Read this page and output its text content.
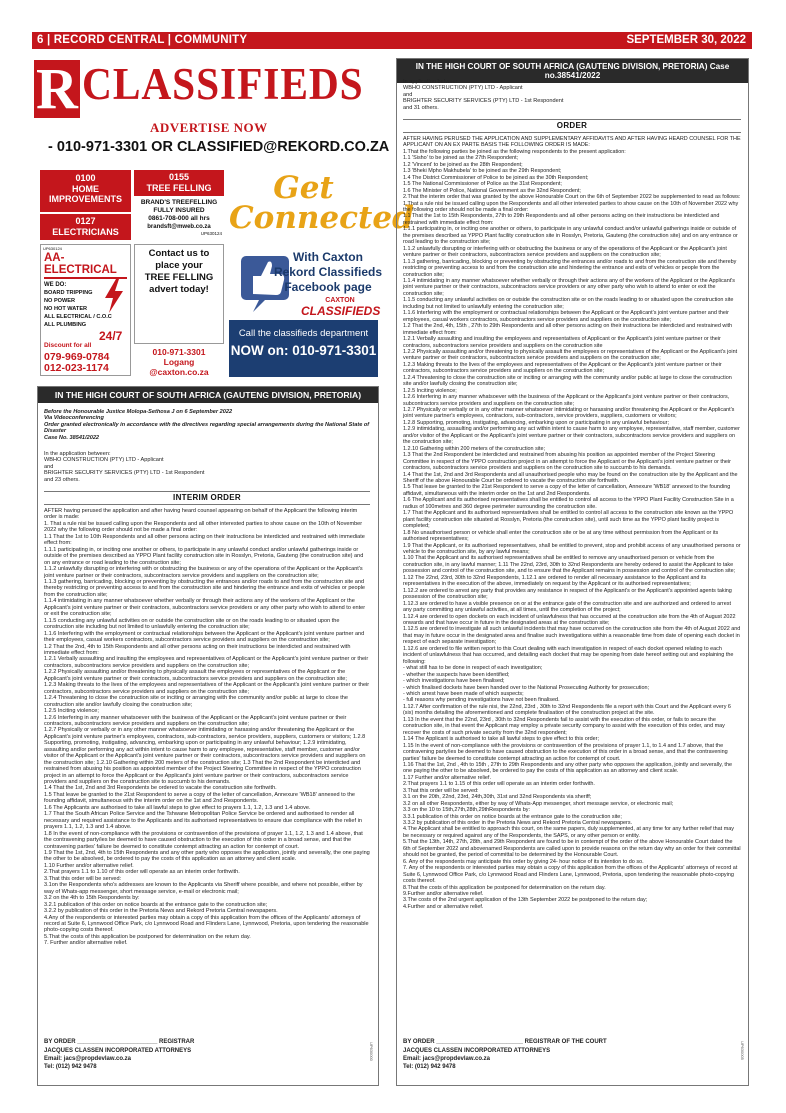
6 | RECORD CENTRAL | COMMUNITY	SEPTEMBER 30, 2022
R CLASSIFIEDS
ADVERTISE NOW
- 010-971-3301 OR CLASSIFIED@REKORD.CO.ZA
0100
HOME
IMPROVEMENTS
0155
TREE FELLING
0127
ELECTRICIANS
BRAND'S TREEFELLING
FULLY INSURED
0861-708-000 all hrs
brandsft@mweb.co.za
UP630124
UP630124
AA-ELECTRICAL
WE DO:
BOARD TRIPPING
NO POWER
NO HOT WATER
ALL ELECTRICAL / C.O.C
ALL PLUMBING
24/7
Discount for all
079-969-0784
012-023-1174
Contact us to
place your
TREE FELLING
advert today!
010-971-3301
Logang
@caxton.co.za
Get
Connected
With Caxton
Rekord Classifieds
Facebook page
CAXTON
CLASSIFIEDS
Call the classifieds department
NOW on: 010-971-3301
IN THE HIGH COURT OF SOUTH AFRICA (GAUTENG DIVISION, PRETORIA)
Before the Honourable Justice Molopa-Sethosa J on 6 September 2022
Via Videoconferencing
Order granted electronically in accordance with the directives regarding special arrangements during the National State of Disaster
Case No. 38541/2022
In the application between:
WBHO CONSTRUCTION (PTY) LTD - Applicant
and
BRIGHTER SECURITY SERVICES (PTY) LTD - 1st Respondent
and 23 others.
INTERIM ORDER
AFTER having perused the application and after having heard counsel appearing on behalf of the Applicant the following interim order is made:
1. That a rule nisi be issued calling upon the Respondents and all other interested parties to show cause on the 10th of November 2022 why the following order should not be made a final order:
1.1 That the 1st to 10th Respondents and all other persons acting on their instructions be interdicted and restrained with immediate effect from:
1.1.1 participating in, or inciting one another or others, to participate in any unlawful conduct and/or unlawful gatherings inside or outside of the premises described as YPPO Plant facility construction site in Rosslyn, Pretoria, Gauteng (the construction site) and on any entrance or road leading to the construction site;
1.1.2 unlawfully disrupting or interfering with or obstructing the business or any of the operations of the Applicant or the Applicant's joint venture partner or their contractors, subcontractors service providers and suppliers on the construction site;
1.1.3 gathering, barricading, blocking or preventing by obstructing the entrances and/or roads to and from the construction site and thereby restricting or preventing access to and from the construction site and hindering the entrance and exits of vehicles or people from the construction site;
1.1.4 intimidating in any manner whatsoever whether verbally or through their actions any of the workers of the Applicant or the Applicant's joint venture partner or their contractors, subcontractors service providers or any other party who wish to attend to enter or exit the construction site;
1.1.5 conducting any unlawful activities on or outside the construction site or on the roads leading to or situated upon the construction site including but not limited to unlawfully entering the construction site;
1.1.6 Interfering with the employment or contractual relationships between the Applicant or the Applicant's joint venture partner and their employees, casual workers contractors, subcontractors service providers and suppliers on the construction site;
1.2 That the 2nd, 4th to 15th Respondents and all other persons acting on their instructions be interdicted and restrained with immediate effect from:
1.2.1 Verbally assaulting and insulting the employees and representatives of Applicant or the Applicant's joint venture partner or their contractors, subcontractors service providers and suppliers on the construction site;
1.2.2 Physically assaulting and/or threatening to physically assault the employees or representatives of the Applicant or the Applicant's joint venture partner or their contractors, subcontractors service providers and suppliers on the construction site;
1.2.3 Making threats to the lives of the employees and representatives of the Applicant or the Applicant's joint venture partner or their contractors, subcontractors service providers and suppliers on the construction site;
1.2.4 Threatening to close the construction site or inciting or arranging with the community and/or public at large to close the construction site and/or lawfully closing the construction site;
1.2.5 Inciting violence;
1.2.6 Interfering in any manner whatsoever with the business of the Applicant or the Applicant's joint venture partner or their contractors, subcontractors service providers and suppliers on the construction site;
1.2.7 Physically or verbally or in any other manner whatsoever intimidating or harassing and/or threatening the Applicant or the Applicant's joint venture partner's employees, contractors, sub-contractors, service providers, suppliers, customers or visitors; 1.2.8 Supporting, promoting, instigating, advancing, embarking upon or participating in any unlawful behaviour; 1.2.9 intimidating, assaulting and/or performing any act within intent to cause harm to any employee, representative, staff member, customer and/or visitor of the Applicant or the Applicant's joint venture partner or their contractors, subcontractors service providers and suppliers on the construction site; 1.2.10 Gathering within 200 meters of the construction site; 1.3 That the 2nd Respondent be interdicted and restrained from abusing his position as appointed member of the Project Steering Committee in respect of the YPPO construction project in an attempt to force the Applicant or the Applicant's joint venture partner or their contractors, subcontractors service providers and suppliers on the construction site to succumb to his demands.
1.4 That the 1st, 2nd and 3rd Respondents be ordered to vacate the construction site forthwith.
1.5 That leave be granted to the 21st Respondent to serve a copy of the letter of cancellation, Annexure 'WB18' annexed to the founding affidavit, simultaneous with the interim order on the 1st and 2nd Respondents.
1.6 The Applicants are authorised to take all lawful steps to give effect to prayers 1.1, 1.2, 1.3 and 1.4 above.
1.7 That the South African Police Service and the Tshwane Metropolitan Police Service be ordered and authorised to render all necessary and required assistance to the Applicants and its authorised representatives to ensure due compliance with the relief in prayers 1.1, 1.2, 1.3 and 1.4 above.
1.8 In the event of non-compliance with the provisions or contravention of the provisions of prayer 1.1, 1.2, 1.3 and 1.4 above, that the contravening party/ies be deemed to have caused obstruction to the execution of this order in a broad sense, and that the contravening parties' failure be deemed to constitute contempt attracting an action for contempt of court.
1.9 That the 1st, 2nd, 4th to 15th Respondents and any other party who opposes the application, jointly and severally, the one paying the other to be absolved, be ordered to pay the costs of this application as an attorney and client scale.
1.10 Further and/or alternative relief.
2.That prayers 1.1 to 1.10 of this order will operate as an interim order forthwith.
3.That this order will be served:
3.1on the Respondents who's addresses are known to the Applicants via Sheriff where possible, and where not possible, either by way of Whats-app messenger, short message service, e-mail or electronic mail;
3.2 on the 4th to 15th Respondents by:
3.2.1 publication of this order on notice boards at the entrance gate to the construction site;
3.2.2 by publication of this order in the Pretoria News and Rekord Pretoria Central newspapers.
4.Any of the respondents or interested parties may obtain a copy of this application from the offices of the Applicants' attorneys of record at Suite 6, Lynnwood Office Park, c/o Lynnwood Road and Flinders Lane, Lynnwood, Pretoria, upon tendering the reasonable photo-copying costs thereof.
5.That the costs of this application be postponed for determination on the return day.
7. Further and/or alternative relief.
BY ORDER ________________________ REGISTRAR
JACQUES CLASSEN INCORPORATED ATTORNEYS
Email: jacs@propdevlaw.co.za
Tel: (012) 942 9478
UP630000
IN THE HIGH COURT OF SOUTH AFRICA (GAUTENG DIVISION, PRETORIA) Case no.38541/2022
In application between:
WBHO CONSTRUCTION (PTY) LTD - Applicant
and
BRIGHTER SECURITY SERVICES (PTY) LTD - 1st Respondent
and 31 others.
ORDER
AFTER HAVING PERUSED THE APPLICATION AND SUPPLEMENTARY AFFIDAVITS AND AFTER HAVING HEARD COUNSEL FOR THE APPLICANT ON AN EX PARTE BASIS THE FOLLOWING ORDER IS MADE:
1.That the following parties be joined as the following respondents to the present application:
1.1 'Sisho' to be joined as the 27th Respondent;
1.2 'Vincent' to be joined as the 28th Respondent;
1.3 'Bheki Mpho Makhubela' to be joined as the 29th Respondent;
1.4 The District Commissioner of Police to be joined as the 30th Respondent;
1.5 The National Commissioner of Police as the 31st Respondent;
1.6 The Minister of Police, National Government as the 32nd Respondent;
2.That the interim order that was granted by the above Honourable Court on the 6th of September 2022 be supplemented to read as follows:
1.That a rule nisi be issued calling upon the Respondents and all other interested parties to show cause on the 10th of November 2022 why the following order should not be made a final order:
1.1 That the 1st to 15th Respondents, 27th to 29th Respondents and all other persons acting on their instructions be interdicted and restrained with immediate effect from:
1.1.1 participating in, or inciting one another or others, to participate in any unlawful conduct and/or unlawful gatherings inside or outside of the premises described as YPPO Plant facility construction site in Rosslyn, Pretoria, Gauteng (the construction site) and on any entrance or road leading to the construction site;
1.1.2 unlawfully disrupting or interfering with or obstructing the business or any of the operations of the Applicant or the Applicant's joint venture partner or their contractors, subcontractors service providers and suppliers on the construction site;
1.1.3 gathering, barricading, blocking or preventing by obstructing the entrances and/or roads to and from the construction site and thereby restricting or preventing access to and from the construction site and hindering the entrance and exits of vehicles or people from the construction site;
1.1.4 intimidating in any manner whatsoever whether verbally or through their actions any of the workers of the Applicant or the Applicant's joint venture partner or their contractors, subcontractors service providers or any other party who wish to attend to enter or exit the construction site;
1.1.5 conducting any unlawful activities on or outside the construction site or on the roads leading to or situated upon the construction site including but not limited to unlawfully entering the construction site;
1.1.6 Interfering with the employment or contractual relationships between the Applicant or the Applicant's joint venture partner and their employees, casual workers contractors, subcontractors service providers and suppliers on the construction site;
1.2 That the 2nd, 4th, 15th , 27th to 29th Respondents and all other persons acting on their instructions be interdicted and restrained with immediate effect from:
1.2.1 Verbally assaulting and insulting the employees and representatives of Applicant or the Applicant's joint venture partner or their contractors, subcontractors service providers and suppliers on the construction site
1.2.2 Physically assaulting and/or threatening to physically assault the employees or representatives of the Applicant or the Applicant's joint venture partner or their contractors, subcontractors service providers and suppliers on the construction site;
1.2.3 Making threats to the lives of the employees and representatives of the Applicant or the Applicant's joint venture partner or their contractors, subcontractors service providers and suppliers on the construction site;
1.2.4 Threatening to close the construction site or inciting or arranging with the community and/or public at large to close the construction site and/or lawfully closing the construction site;
1.2.5 Inciting violence;
1.2.6 Interfering in any manner whatsoever with the business of the Applicant or the Applicant's joint venture partner or their contractors, subcontractors service providers and suppliers on the construction site;
1.2.7 Physically or verbally or in any other manner whatsoever intimidating or harassing and/or threatening the Applicant or the Applicant's joint venture partner's employees, contractors, sub-contractors, service providers, suppliers, customers or visitors;
1.2.8 Supporting, promoting, instigating, advancing, embarking upon or participating in any unlawful behaviour;
1.2.9 intimidating, assaulting and/or performing any act within intent to cause harm to any employee, representative, staff member, customer and/or visitor of the Applicant or the Applicant's joint venture partner or their contractors, subcontractors service providers and suppliers on the construction site;
1.2.10 Gathering within 200 meters of the construction site;
1.3 That the 2nd Respondent be interdicted and restrained from abusing his position as appointed member of the Project Steering Committee in respect of the YPPO construction project in an attempt to force the Applicant or the Applicant's joint venture partner or their contractors, subcontractors service providers and suppliers on the construction site to succumb to his demands.
1.4 That the 1st, 2nd and 3rd Respondents and all unauthorised people who may be found on the construction site by the Applicant and the Sheriff of the above Honourable Court be ordered to vacate the construction site forthwith.
1.5 That leave be granted to the 21st Respondent to serve a copy of the letter of cancellation, Annexure 'WB18' annexed to the founding affidavit, simultaneous with the interim order on the 1st and 2nd Respondents.
1.6 The Applicant and its authorised representatives shall be entitled to control all access to the YPPO Plant Facility Construction Site in a radius of 100metres and 360 degree perimeter surrounding the construction site.
1.7 That the Applicant and its authorised representatives shall be entitled to control all access to the construction site known as the YPPO plant facility construction site situated at Rosslyn, Pretoria (the construction site), until such time as the YPPO plant facility project is completed;
1.8 No unauthorised person or vehicle shall enter the construction site or be at any time without permission from the Applicant or its authorised representatives;
1.9 That the Applicant, or its authorised representatives, shall be entitled to prevent, stop and prohibit access of any unauthorised persons or vehicle to the construction site, by any lawful means;
1.10 That the Applicant and its authorised representatives shall be entitled to remove any unauthorised person or vehicle from the construction site, in any lawful manner; 1.11 The 22nd, 23rd, 30th to 32nd Respondents are hereby ordered to assist the Applicant to take possession and control of the construction site, and to ensure that the Applicant remains in possession and control of the construction site;
1.12 The 22nd, 23rd, 30th to 32nd Respondents, 1.12.1 are ordered to render all necessary assistance to the Applicant and its representatives in the execution of the above, immediately on request by the Applicant or its authorised representatives;
1.12.2 are ordered to arrest any party that provides any resistance in respect of the Applicant's or the Applicant's appointed agents taking possession of the construction site;
1.12.3 are ordered to have a visible presence on or at the entrance gate of the construction site and are authorized and ordered to arrest any party committing any unlawful activities, at all times, until the completion of the project;
1.12.4 are ordered to open dockets on each incident of unlawfulness that has occurred at the construction site from the 4th of August 2022 onwards and that have occur in future in the designated areas at the construction site;
1.12.5 are ordered to investigate all such unlawful incidents that may have occurred on the construction site from the 4th of August 2022 and that may in future occur in the designated area and finalise such investigations within a reasonable time from date of opening each docket in respect of each separate investigation;
1.12.6 are ordered to file written report to this Court dealing with each investigation in respect of each docket opened relating to each incident of unlawfulness that has occurred, and detailing each docket that may be opening from date hereof setting out and explaining the following:
- what still has to be done in respect of each investigation;
- whether the suspects have been identified;
- which investigations have been finalised;
- which finalised dockets have been handed over to the National Prosecuting Authority for prosecution;
- which arrest have been made of which suspects;
- full reasons why pending investigations have not been finalised.
1.12.7 After confirmation of the rule nisi, the 22nd, 23rd , 30th to 32nd Respondents file a report with this Court and the Applicant every 6 (six) months detailing the aforementioned and complete finalisation of the construction project at the site.
1.13 In the event that the 22nd, 23rd , 30th to 32nd Respondents fail to assist with the execution of this order, or fails to secure the construction site, in that event the Applicant may employ a private security company to assist with the execution of this order, and may recover the costs of such private security from the 32nd respondent;
1.14 The Applicant is authorised to take all lawful steps to give effect to this order;
1.15 In the event of non-compliance with the provisions or contravention of the provisions of prayer 1.1, to 1.4 and 1.7 above, that the contravening party/ies be deemed to have caused obstruction to the execution of this order in a broad sense, and that the contravening parties' failure be deemed to constitute contempt attracting an action for contempt of court.
1.16 That the 1st, 2nd , 4th to 15th , 27th to 29th Respondents and any other party who opposes the application, jointly and severally, the one paying the other to be absolved, be ordered to pay the costs of this application as an attorney and client scale.
1.17 Further and/or alternative relief.
2.That prayers 1.1 to 1.15 of this order will operate as an interim order forthwith.
3.That this order will be served:
3.1 on the 20th, 22nd, 23rd, 24th,30th, 31st and 32nd Respondents via sheriff;
3.2 on all other Respondents, either by way of Whats-App messenger, short message service, or electronic mail;
3.3 on the 10 to 15th,27th,28th,29thRespondents by:
3.3.1 publication of this order on notice boards at the entrance gate to the construction site;
3.3.2 by publication of this order in the Pretoria News and Rekord Pretoria Central newspapers.
4.The Applicant shall be entitled to approach this court, on the same papers, duly supplemented, at any time for any further relief that may be necessary or required against any of the Respondents, the SAPS, or any other person or entity.
5.That the 13th, 14th, 27th, 28th, and 29th Respondent are found to be in contempt of the order of the above Honourable Court dated the 6th of September 2022 and abovenamed Respondents are called upon to provide reasons on the return day why an order for their committal should not be granted, the period of committal to be determined by the Honourable Court.
6. Any of the respondents may anticipate this order by giving 24- hour notice of its intention to do so.
7. Any of the respondents or interested parties may obtain a copy of this application from the offices of the Applicants' attorneys of record at Suite 6, Lynnwood Office Park, c/o Lynnwood Road and Flinders Lane, Lynnwood, Pretoria, upon tendering the reasonable photo-copying costs thereof.
8.That the costs of this application be postponed for determination on the return day.
9.Further and/or alternative relief.
3.The costs of the 2nd urgent application of the 13th September 2022 be postponed to the return day;
4.Further and or alternative relief.
BY ORDER __________________________ REGISTRAR OF THE COURT
JACQUES CLASSEN INCORPORATED ATTORNEYS
Email: jacs@propdevlaw.co.za
Tel: (012) 942 9478
UP630005
